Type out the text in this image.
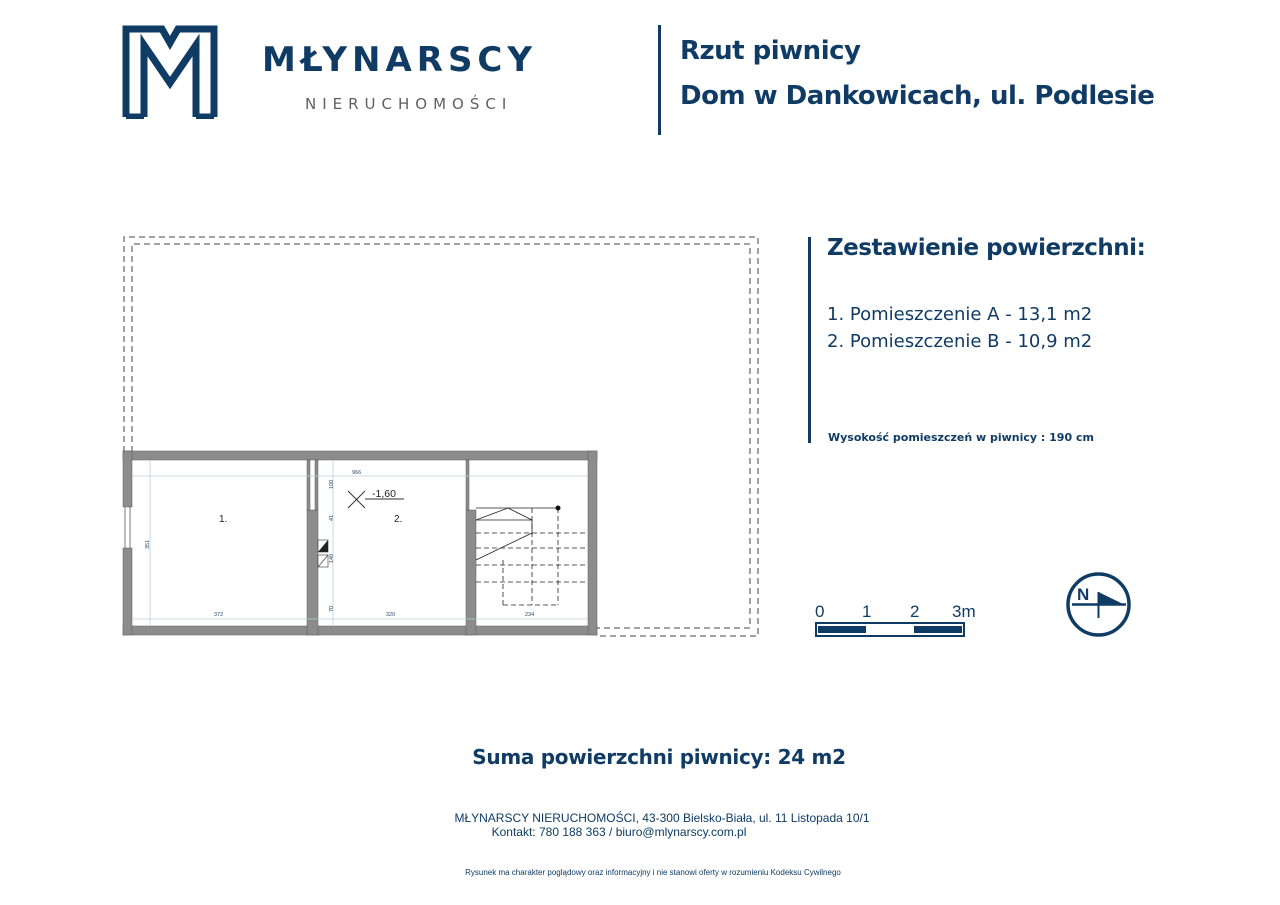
MŁYNARSCY
NIERUCHOMOŚCI
Rzut piwnicy
Dom w Dankowicach, ul. Podlesie
-1,60
1.	2.
966
372	320	234
351
100
41
140
70
Zestawienie powierzchni:
1. Pomieszczenie A - 13,1 m2
2. Pomieszczenie B - 10,9 m2
Wysokość pomieszczeń w piwnicy : 190 cm
0 1 2 3m
N
Suma powierzchni piwnicy: 24 m2
MŁYNARSCY NIERUCHOMOŚCI, 43-300 Bielsko-Biała, ul. 11 Listopada 10/1
Kontakt: 780 188 363 / biuro@mlynarscy.com.pl
Rysunek ma charakter poglądowy oraz informacyjny i nie stanowi oferty w rozumieniu Kodeksu Cywilnego
